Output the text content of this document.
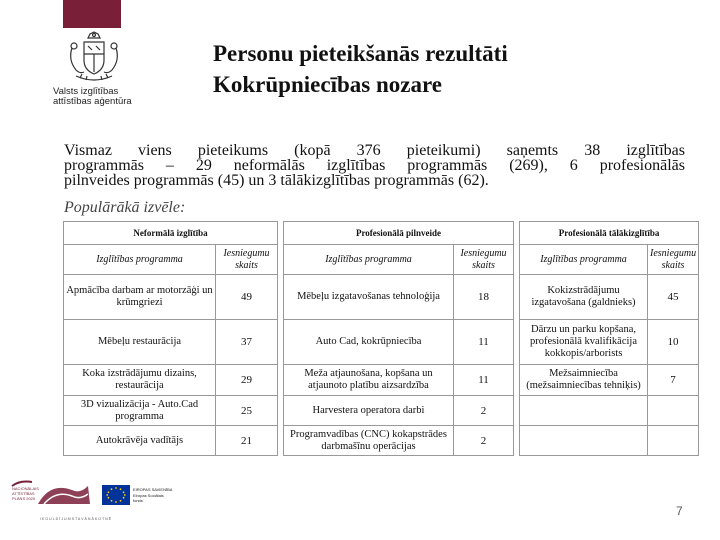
Valsts izglītības
attīstības aģentūra
Personu pieteikšanās rezultāti
Kokrūpniecības nozare

Vismaz viens pieteikums (kopā 376 pieteikumi) saņemts 38 izglītības

programmās – 29 neformālās izglītības programmās (269), 6 profesionālās

pilnveides programmās (45) un 3 tālākizglītības programmās (62).

Populārākā izvēle:
Neformālā izglītība			Profesionālā pilnveide			Profesionālā tālākizglītība	
Izglītības programma	Iesniegumu skaits		Izglītības programma	Iesniegumu skaits		Izglītības programma	Iesniegumu skaits
Apmācība darbam ar motorzāģi un krūmgriezi	49		Mēbeļu izgatavošanas tehnoloģija	18		Kokizstrādājumu izgatavošana (galdnieks)	45
Mēbeļu restaurācija	37		Auto Cad, kokrūpniecība	11		Dārzu un parku kopšana, profesionālā kvalifikācija kokkopis/arborists	10
Koka izstrādājumu dizains, restaurācija	29		Meža atjaunošana, kopšana un atjaunoto platību aizsardzība	11		Mežsaimniecība (mežsaimniecības tehniķis)	7
3D vizualizācija - Auto.Cad programma	25		Harvestera operatora darbi	2			
Autokrāvēja vadītājs	21		Programvadības (CNC) kokapstrādes darbmašīnu operācijas	2			
NACIONĀLAIS
ATTĪSTĪBAS
PLĀNS 2020
EIROPAS SAVIENĪBA
Eiropas Sociālais
fonds
I E G U L D Ī J U M S T A V Ā N Ā K O T N Ē
7
